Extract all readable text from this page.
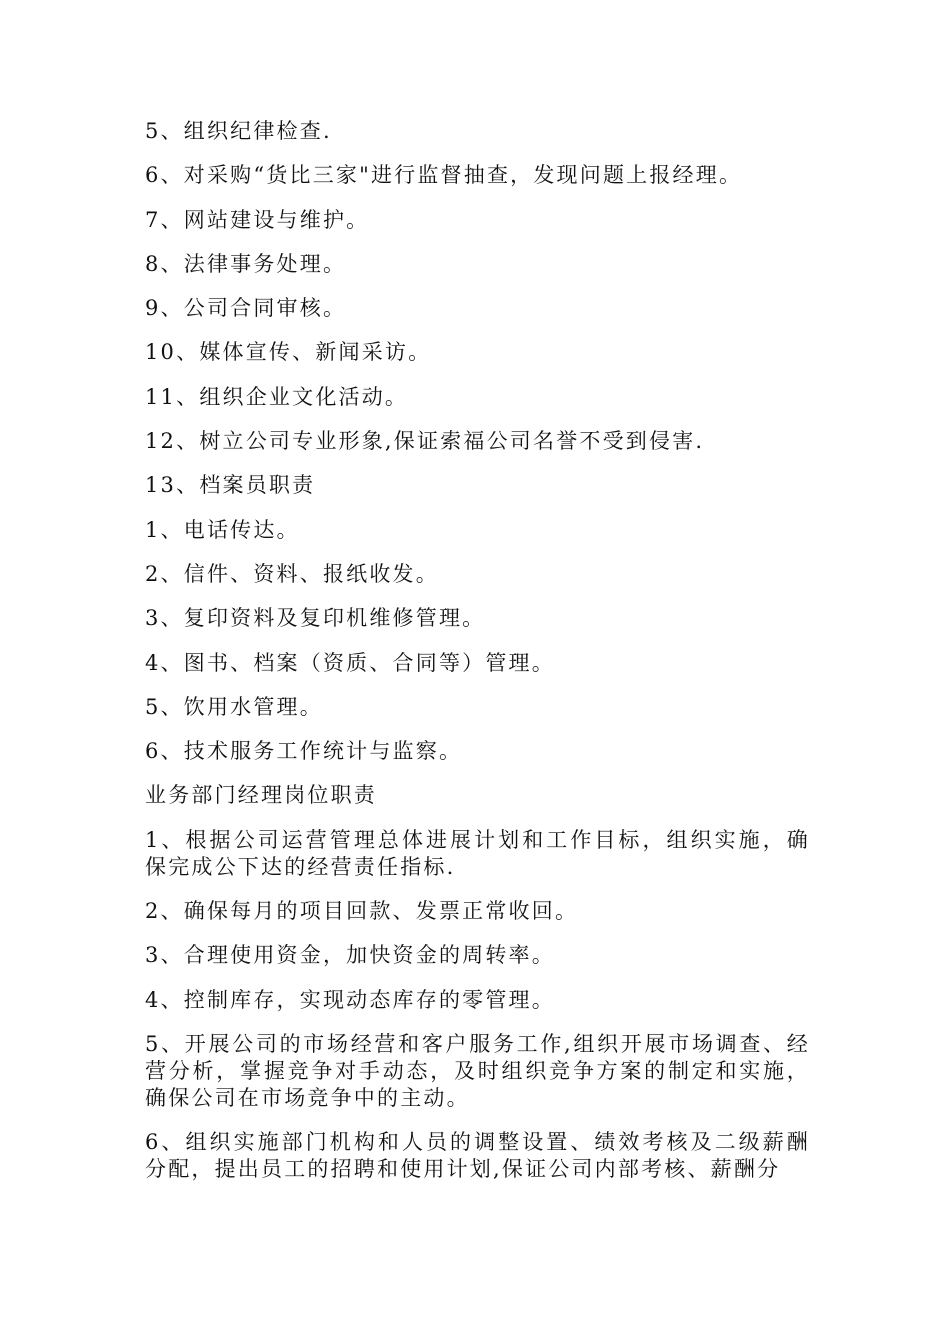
5、组织纪律检查.

6、对采购“货比三家"进行监督抽查，发现问题上报经理。

7、网站建设与维护。

8、法律事务处理。

9、公司合同审核。

10、媒体宣传、新闻采访。

11、组织企业文化活动。

12、树立公司专业形象,保证索福公司名誉不受到侵害.

13、档案员职责

1、电话传达。

2、信件、资料、报纸收发。

3、复印资料及复印机维修管理。

4、图书、档案（资质、合同等）管理。

5、饮用水管理。

6、技术服务工作统计与监察。

业务部门经理岗位职责

1、根据公司运营管理总体进展计划和工作目标，组织实施，确保完成公下达的经营责任指标.

2、确保每月的项目回款、发票正常收回。

3、合理使用资金，加快资金的周转率。

4、控制库存，实现动态库存的零管理。

5、开展公司的市场经营和客户服务工作,组织开展市场调查、经营分析，掌握竞争对手动态，及时组织竞争方案的制定和实施，确保公司在市场竞争中的主动。

6、组织实施部门机构和人员的调整设置、绩效考核及二级薪酬分配，提出员工的招聘和使用计划,保证公司内部考核、薪酬分
